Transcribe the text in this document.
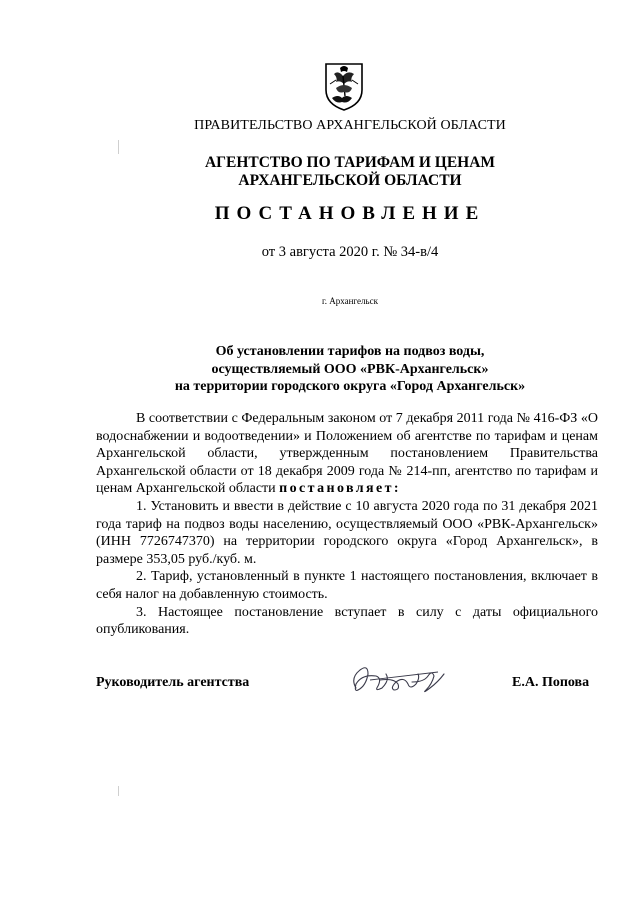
ПРАВИТЕЛЬСТВО АРХАНГЕЛЬСКОЙ ОБЛАСТИ
АГЕНТСТВО ПО ТАРИФАМ И ЦЕНАМ
АРХАНГЕЛЬСКОЙ ОБЛАСТИ
ПОСТАНОВЛЕНИЕ
от 3 августа 2020 г. № 34-в/4
г. Архангельск
Об установлении тарифов на подвоз воды,
осуществляемый ООО «РВК-Архангельск»
на территории городского округа «Город Архангельск»

В соответствии с Федеральным законом от 7 декабря 2011 года № 416-ФЗ «О водоснабжении и водоотведении» и Положением об агентстве по тарифам и ценам Архангельской области, утвержденным постановлением Правительства Архангельской области от 18 декабря 2009 года № 214-пп, агентство по тарифам и ценам Архангельской области постановляет:

1. Установить и ввести в действие с 10 августа 2020 года по 31 декабря 2021 года тариф на подвоз воды населению, осуществляемый ООО «РВК-Архангельск» (ИНН 7726747370) на территории городского округа «Город Архангельск», в размере 353,05 руб./куб. м.

2. Тариф, установленный в пункте 1 настоящего постановления, включает в себя налог на добавленную стоимость.

3. Настоящее постановление вступает в силу с даты официального опубликования.

Руководитель агентства	Е.А. Попова
